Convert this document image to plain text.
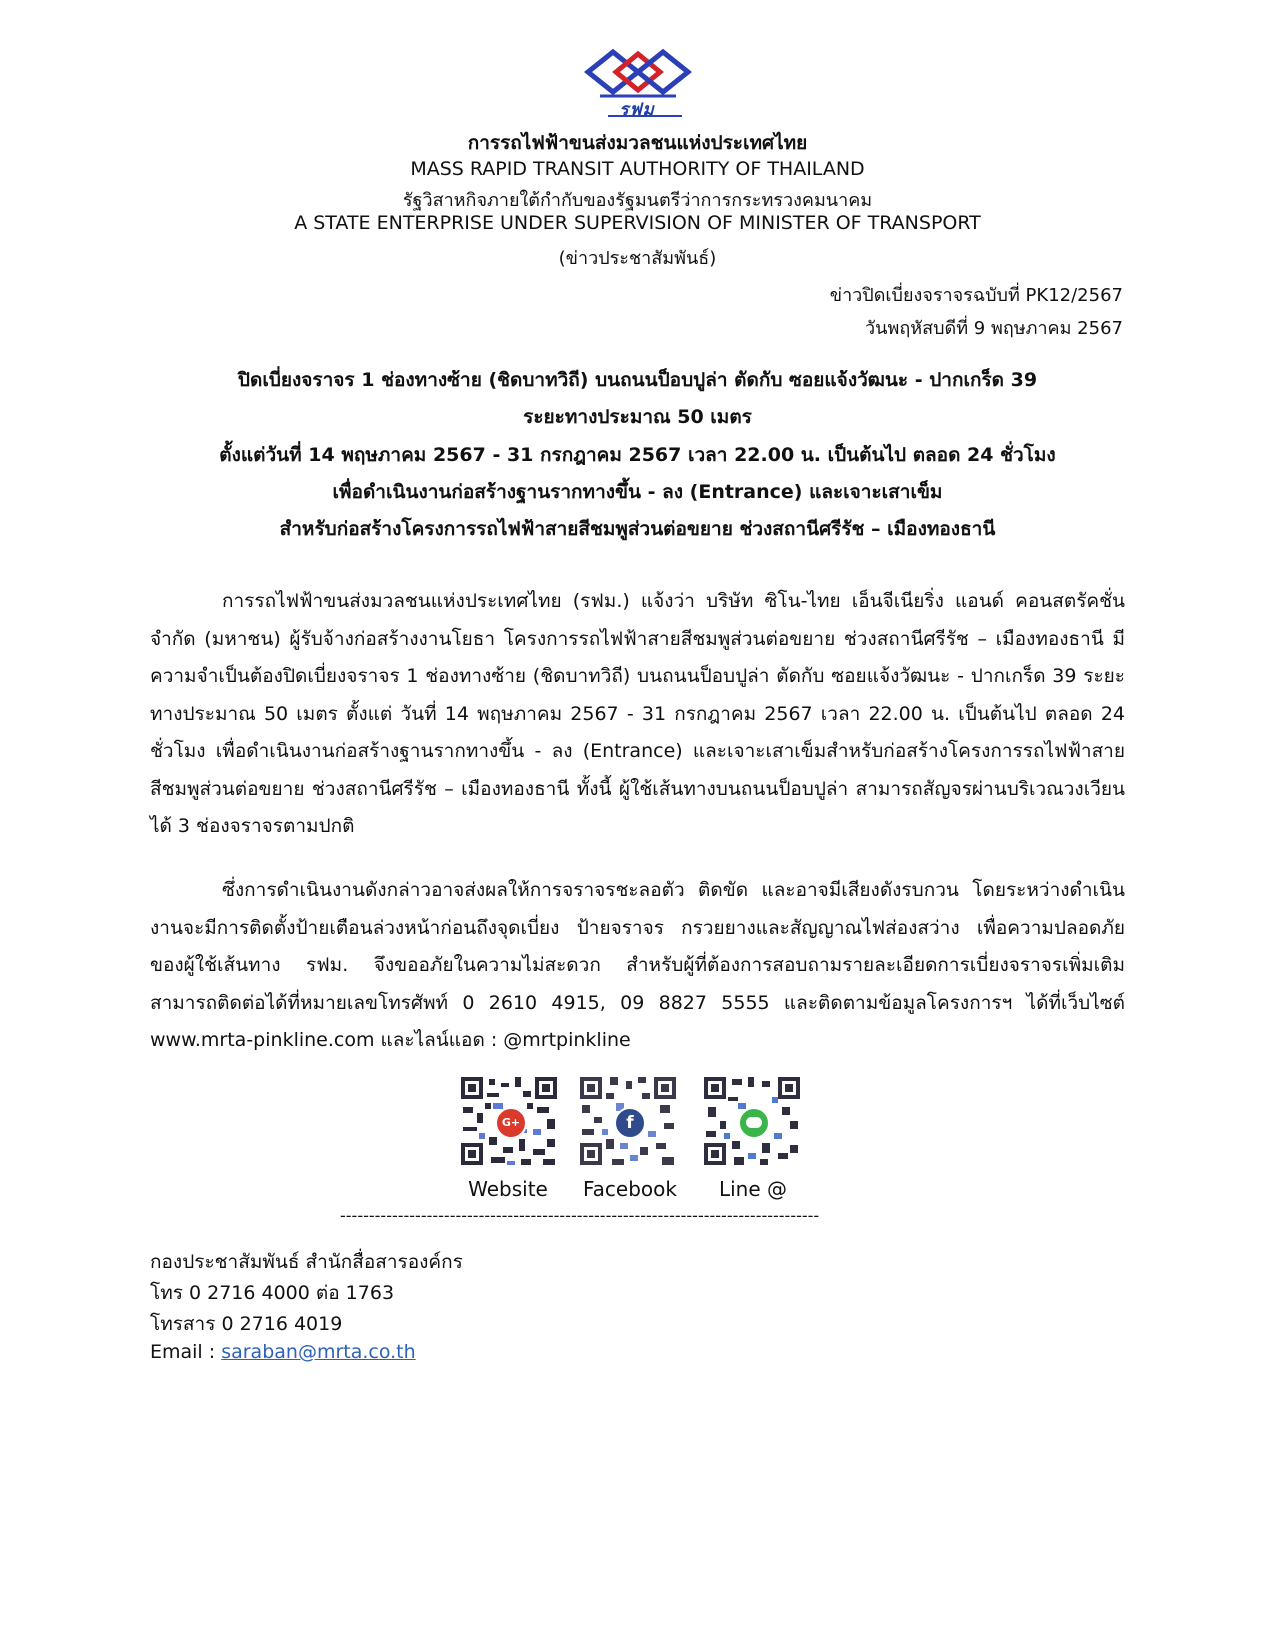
รฟม
การรถไฟฟ้าขนส่งมวลชนแห่งประเทศไทย
MASS RAPID TRANSIT AUTHORITY OF THAILAND
รัฐวิสาหกิจภายใต้กำกับของรัฐมนตรีว่าการกระทรวงคมนาคม
A STATE ENTERPRISE UNDER SUPERVISION OF MINISTER OF TRANSPORT
(ข่าวประชาสัมพันธ์)
ข่าวปิดเบี่ยงจราจรฉบับที่ PK12/2567
วันพฤหัสบดีที่ 9 พฤษภาคม 2567
ปิดเบี่ยงจราจร 1 ช่องทางซ้าย (ชิดบาทวิถี) บนถนนป็อบปูล่า ตัดกับ ซอยแจ้งวัฒนะ - ปากเกร็ด 39
ระยะทางประมาณ 50 เมตร
ตั้งแต่วันที่ 14 พฤษภาคม 2567 - 31 กรกฎาคม 2567 เวลา 22.00 น. เป็นต้นไป ตลอด 24 ชั่วโมง
เพื่อดำเนินงานก่อสร้างฐานรากทางขึ้น - ลง (Entrance) และเจาะเสาเข็ม
สำหรับก่อสร้างโครงการรถไฟฟ้าสายสีชมพูส่วนต่อขยาย ช่วงสถานีศรีรัช – เมืองทองธานี

การรถไฟฟ้าขนส่งมวลชนแห่งประเทศไทย (รฟม.) แจ้งว่า บริษัท ซิโน-ไทย เอ็นจีเนียริ่ง แอนด์ คอนสตรัคชั่น จำกัด (มหาชน) ผู้รับจ้างก่อสร้างงานโยธา โครงการรถไฟฟ้าสายสีชมพูส่วนต่อขยาย ช่วงสถานีศรีรัช – เมืองทองธานี มีความจำเป็นต้องปิดเบี่ยงจราจร 1 ช่องทางซ้าย (ชิดบาทวิถี) บนถนนป็อบปูล่า ตัดกับ ซอยแจ้งวัฒนะ - ปากเกร็ด 39 ระยะทางประมาณ 50 เมตร ตั้งแต่ วันที่ 14 พฤษภาคม 2567 - 31 กรกฎาคม 2567 เวลา 22.00 น. เป็นต้นไป ตลอด 24 ชั่วโมง เพื่อดำเนินงานก่อสร้างฐานรากทางขึ้น - ลง (Entrance) และเจาะเสาเข็มสำหรับก่อสร้างโครงการรถไฟฟ้าสายสีชมพูส่วนต่อขยาย ช่วงสถานีศรีรัช – เมืองทองธานี ทั้งนี้ ผู้ใช้เส้นทางบนถนนป็อบปูล่า สามารถสัญจรผ่านบริเวณวงเวียนได้ 3 ช่องจราจรตามปกติ

ซึ่งการดำเนินงานดังกล่าวอาจส่งผลให้การจราจรชะลอตัว ติดขัด และอาจมีเสียงดังรบกวน โดยระหว่างดำเนินงานจะมีการติดตั้งป้ายเตือนล่วงหน้าก่อนถึงจุดเบี่ยง ป้ายจราจร กรวยยางและสัญญาณไฟส่องสว่าง เพื่อความปลอดภัยของผู้ใช้เส้นทาง รฟม. จึงขออภัยในความไม่สะดวก สำหรับผู้ที่ต้องการสอบถามรายละเอียดการเบี่ยงจราจรเพิ่มเติมสามารถติดต่อได้ที่หมายเลขโทรศัพท์ 0 2610 4915, 09 8827 5555 และติดตามข้อมูลโครงการฯ ได้ที่เว็บไซต์ www.mrta-pinkline.com และไลน์แอด : @mrtpinkline

G+	f
Website	Facebook	Line @
-----------------------------------------------------------------------------------
กองประชาสัมพันธ์ สำนักสื่อสารองค์กร
โทร 0 2716 4000 ต่อ 1763
โทรสาร 0 2716 4019
Email : saraban@mrta.co.th
